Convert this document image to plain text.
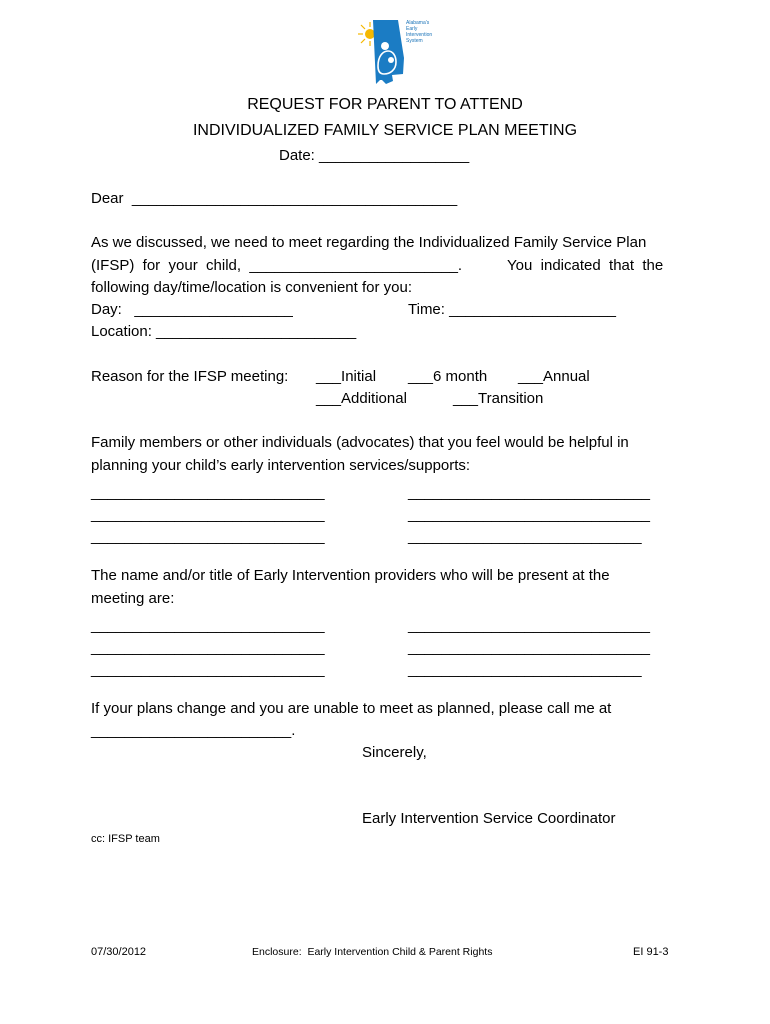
Alabama's
Early
Intervention
System
REQUEST FOR PARENT TO ATTEND
INDIVIDUALIZED FAMILY SERVICE PLAN MEETING
Date: __________________
Dear  _______________________________________
As we discussed, we need to meet regarding the Individualized Family Service Plan
(IFSP)  for  your  child,  _________________________.	You  indicated  that  the
following day/time/location is convenient for you:
Day:   ___________________	Time: ____________________
Location: ________________________
Reason for the IFSP meeting: ___Initial ___6 month ___Annual
___Additional	___Transition
Family members or other individuals (advocates) that you feel would be helpful in
planning your child’s early intervention services/supports:
____________________________	_____________________________
____________________________	_____________________________
____________________________	____________________________
The name and/or title of Early Intervention providers who will be present at the
meeting are:
____________________________	_____________________________
____________________________	_____________________________
____________________________	____________________________
If your plans change and you are unable to meet as planned, please call me at
________________________.
Sincerely,
Early Intervention Service Coordinator
cc: IFSP team
07/30/2012	Enclosure:  Early Intervention Child & Parent Rights	EI 91-3
